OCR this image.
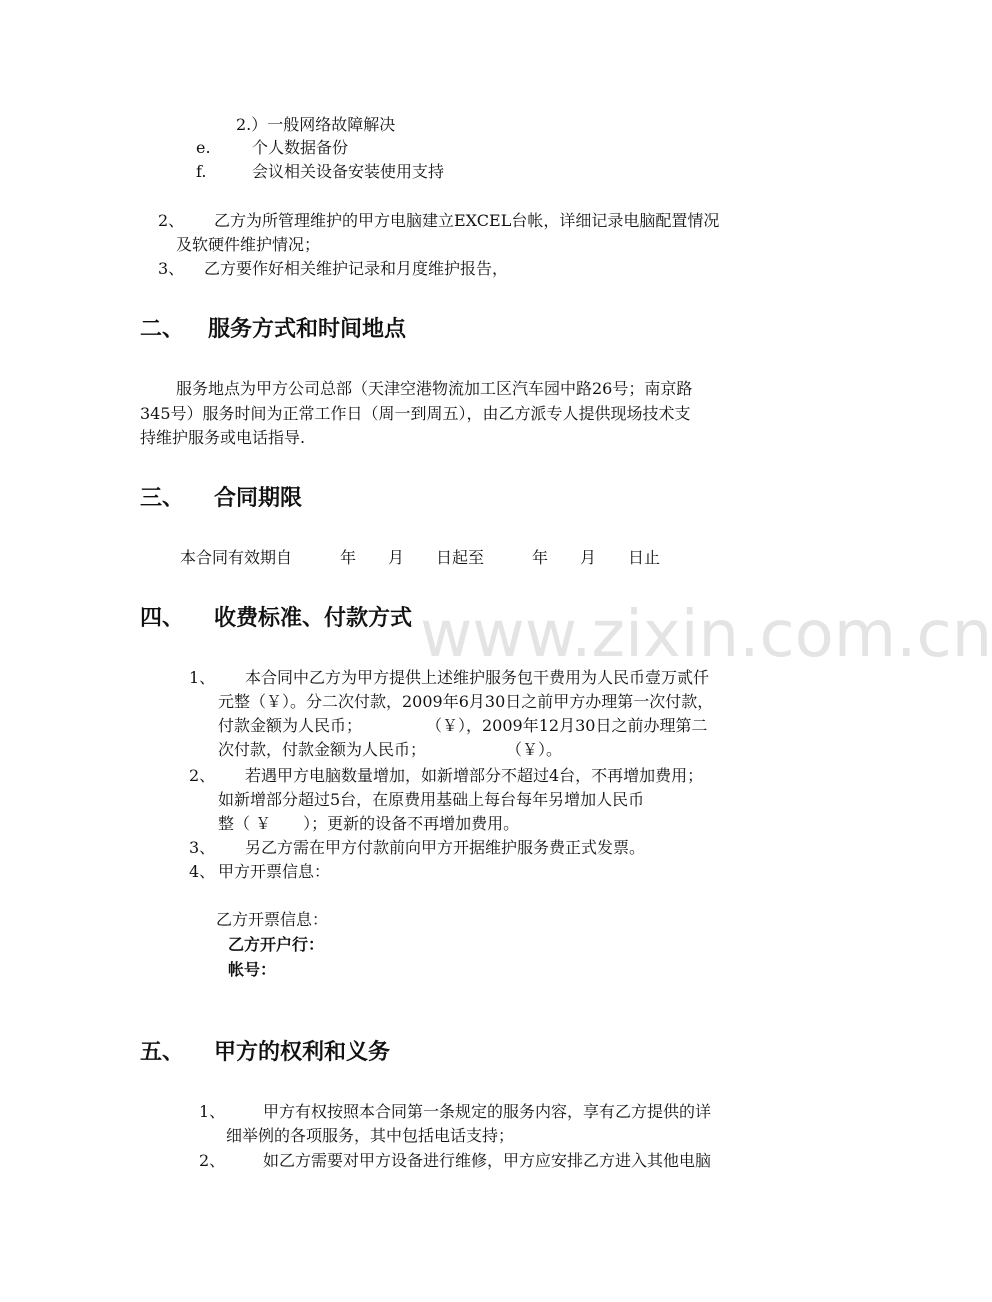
www.zixin.com.cn
2.）一般网络故障解决
e.	个人数据备份
f.	会议相关设备安装使用支持
2、 乙方为所管理维护的甲方电脑建立EXCEL台帐，详细记录电脑配置情况
及软硬件维护情况；
3、 乙方要作好相关维护记录和月度维护报告，
二、 服务方式和时间地点
服务地点为甲方公司总部（天津空港物流加工区汽车园中路26号；南京路
345号）服务时间为正常工作日（周一到周五），由乙方派专人提供现场技术支
持维护服务或电话指导.
三、 合同期限
本合同有效期自　　　年　　月　　日起至　　　年　　月　　日止
四、 收费标准、付款方式
1、 本合同中乙方为甲方提供上述维护服务包干费用为人民币壹万贰仟
元整（￥）。分二次付款，2009年6月30日之前甲方办理第一次付款，
付款金额为人民币；　　　　　（￥），2009年12月30日之前办理第二
次付款，付款金额为人民币；　　　　　　（￥）。
2、 若遇甲方电脑数量增加，如新增部分不超过4台，不再增加费用；
如新增部分超过5台，在原费用基础上每台每年另增加人民币
整（ ￥　　）；更新的设备不再增加费用。
3、 另乙方需在甲方付款前向甲方开据维护服务费正式发票。
4、 甲方开票信息：
乙方开票信息：
乙方开户行：
帐号：
五、 甲方的权利和义务
1、 甲方有权按照本合同第一条规定的服务内容，享有乙方提供的详
细举例的各项服务，其中包括电话支持；
2、 如乙方需要对甲方设备进行维修，甲方应安排乙方进入其他电脑
